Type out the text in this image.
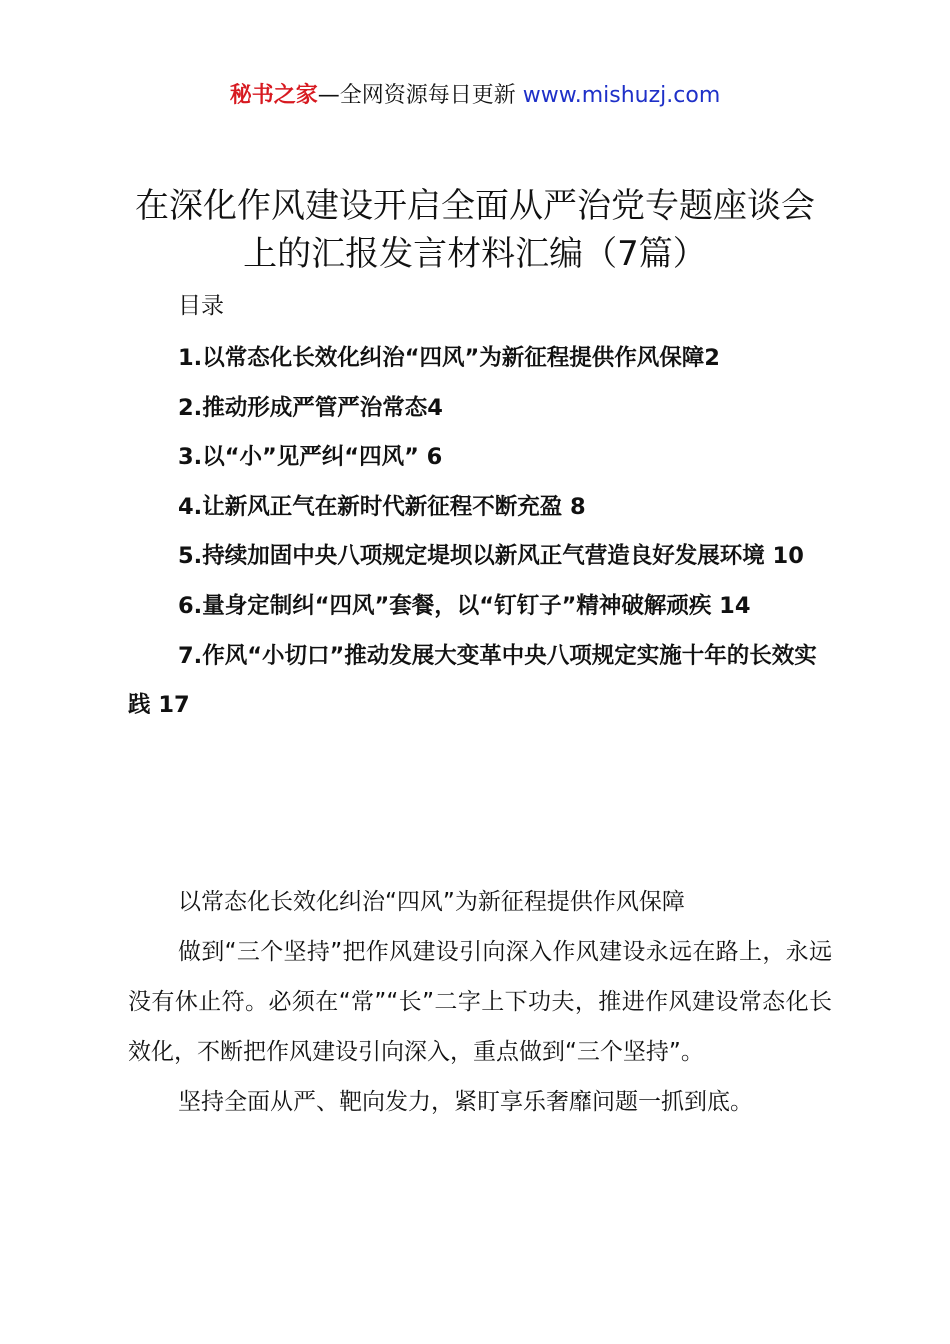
秘书之家—全网资源每日更新 www.mishuzj.com
在深化作风建设开启全面从严治党专题座谈会
上的汇报发言材料汇编（7篇）
目录
1.以常态化长效化纠治“四风”为新征程提供作风保障2
2.推动形成严管严治常态4
3.以“小”见严纠“四风” 6
4.让新风正气在新时代新征程不断充盈 8
5.持续加固中央八项规定堤坝以新风正气营造良好发展环境 10
6.量身定制纠“四风”套餐，以“钉钉子”精神破解顽疾 14
7.作风“小切口”推动发展大变革中央八项规定实施十年的长效实践 17

以常态化长效化纠治“四风”为新征程提供作风保障

做到“三个坚持”把作风建设引向深入作风建设永远在路上，永远没有休止符。必须在“常”“长”二字上下功夫，推进作风建设常态化长效化，不断把作风建设引向深入，重点做到“三个坚持”。

坚持全面从严、靶向发力，紧盯享乐奢靡问题一抓到底。
